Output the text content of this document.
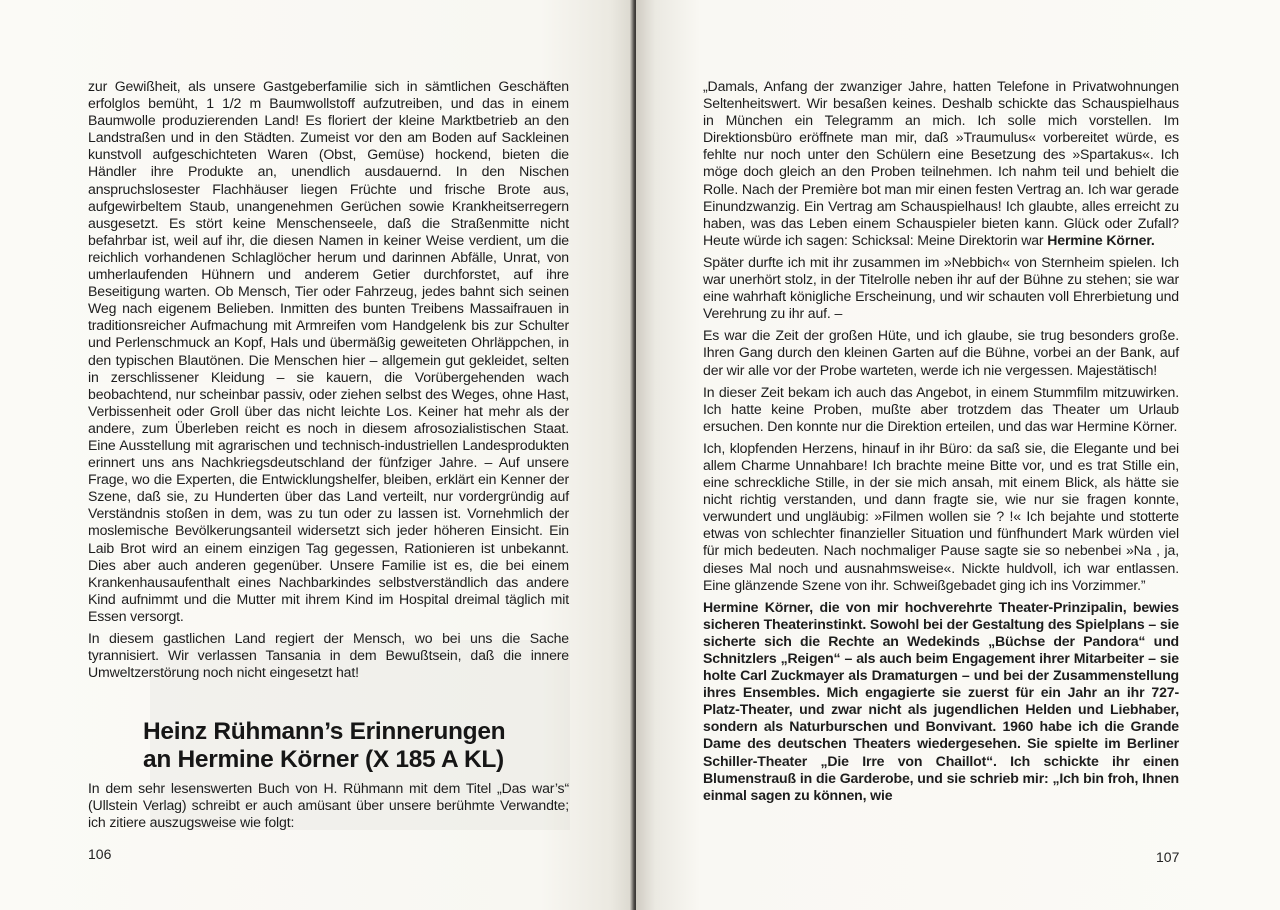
zur Gewißheit, als unsere Gastgeberfamilie sich in sämtlichen Geschäften erfolglos bemüht, 1 1/2 m Baumwollstoff aufzutreiben, und das in einem Baumwolle produzierenden Land! Es floriert der kleine Marktbetrieb an den Landstraßen und in den Städten. Zumeist vor den am Boden auf Sackleinen kunstvoll aufgeschichteten Waren (Obst, Gemüse) hockend, bieten die Händler ihre Produkte an, unendlich ausdauernd. In den Nischen anspruchslosester Flachhäuser liegen Früchte und frische Brote aus, aufgewirbeltem Staub, unangenehmen Gerüchen sowie Krankheitserregern ausgesetzt. Es stört keine Menschenseele, daß die Straßenmitte nicht befahrbar ist, weil auf ihr, die diesen Namen in keiner Weise verdient, um die reichlich vorhandenen Schlaglöcher herum und darinnen Abfälle, Unrat, von umherlaufenden Hühnern und anderem Getier durchforstet, auf ihre Beseitigung warten. Ob Mensch, Tier oder Fahrzeug, jedes bahnt sich seinen Weg nach eigenem Belieben. Inmitten des bunten Treibens Massaifrauen in traditionsreicher Aufmachung mit Armreifen vom Handgelenk bis zur Schulter und Perlenschmuck an Kopf, Hals und übermäßig geweiteten Ohrläppchen, in den typischen Blautönen. Die Menschen hier – allgemein gut gekleidet, selten in zerschlissener Kleidung – sie kauern, die Vorübergehenden wach beobachtend, nur scheinbar passiv, oder ziehen selbst des Weges, ohne Hast, Verbissenheit oder Groll über das nicht leichte Los. Keiner hat mehr als der andere, zum Überleben reicht es noch in diesem afrosozialistischen Staat. Eine Ausstellung mit agrarischen und technisch-industriellen Landesprodukten erinnert uns ans Nachkriegsdeutschland der fünfziger Jahre. – Auf unsere Frage, wo die Experten, die Entwicklungshelfer, bleiben, erklärt ein Kenner der Szene, daß sie, zu Hunderten über das Land verteilt, nur vordergründig auf Verständnis stoßen in dem, was zu tun oder zu lassen ist. Vornehmlich der moslemische Bevölkerungsanteil widersetzt sich jeder höheren Einsicht. Ein Laib Brot wird an einem einzigen Tag gegessen, Rationieren ist unbekannt. Dies aber auch anderen gegenüber. Unsere Familie ist es, die bei einem Krankenhausaufenthalt eines Nachbarkindes selbstverständlich das andere Kind aufnimmt und die Mutter mit ihrem Kind im Hospital dreimal täglich mit Essen versorgt.

In diesem gastlichen Land regiert der Mensch, wo bei uns die Sache tyrannisiert. Wir verlassen Tansania in dem Bewußtsein, daß die innere Umweltzerstörung noch nicht eingesetzt hat!

Heinz Rühmann’s Erinnerungen
an Hermine Körner (X 185 A KL)

In dem sehr lesenswerten Buch von H. Rühmann mit dem Titel „Das war’s“ (Ullstein Verlag) schreibt er auch amüsant über unsere berühmte Verwandte; ich zitiere auszugsweise wie folgt:

106

„Damals, Anfang der zwanziger Jahre, hatten Telefone in Privatwohnungen Seltenheitswert. Wir besaßen keines. Deshalb schickte das Schauspielhaus in München ein Telegramm an mich. Ich solle mich vorstellen. Im Direktionsbüro eröffnete man mir, daß »Traumulus« vorbereitet würde, es fehlte nur noch unter den Schülern eine Besetzung des »Spartakus«. Ich möge doch gleich an den Proben teilnehmen. Ich nahm teil und behielt die Rolle. Nach der Première bot man mir einen festen Vertrag an. Ich war gerade Einundzwanzig. Ein Vertrag am Schauspielhaus! Ich glaubte, alles erreicht zu haben, was das Leben einem Schauspieler bieten kann. Glück oder Zufall? Heute würde ich sagen: Schicksal: Meine Direktorin war Hermine Körner.

Später durfte ich mit ihr zusammen im »Nebbich« von Sternheim spielen. Ich war unerhört stolz, in der Titelrolle neben ihr auf der Bühne zu stehen; sie war eine wahrhaft königliche Erscheinung, und wir schauten voll Ehrerbietung und Verehrung zu ihr auf. –

Es war die Zeit der großen Hüte, und ich glaube, sie trug besonders große. Ihren Gang durch den kleinen Garten auf die Bühne, vorbei an der Bank, auf der wir alle vor der Probe warteten, werde ich nie vergessen. Majestätisch!

In dieser Zeit bekam ich auch das Angebot, in einem Stummfilm mitzuwirken. Ich hatte keine Proben, mußte aber trotzdem das Theater um Urlaub ersuchen. Den konnte nur die Direktion erteilen, und das war Hermine Körner.

Ich, klopfenden Herzens, hinauf in ihr Büro: da saß sie, die Elegante und bei allem Charme Unnahbare! Ich brachte meine Bitte vor, und es trat Stille ein, eine schreckliche Stille, in der sie mich ansah, mit einem Blick, als hätte sie nicht richtig verstanden, und dann fragte sie, wie nur sie fragen konnte, verwundert und ungläubig: »Filmen wollen sie ? !« Ich bejahte und stotterte etwas von schlechter finanzieller Situation und fünfhundert Mark würden viel für mich bedeuten. Nach nochmaliger Pause sagte sie so nebenbei »Na , ja, dieses Mal noch und ausnahmsweise«. Nickte huldvoll, ich war entlassen. Eine glänzende Szene von ihr. Schweißgebadet ging ich ins Vorzimmer.”

Hermine Körner, die von mir hochverehrte Theater-Prinzipalin, bewies sicheren Theaterinstinkt. Sowohl bei der Gestaltung des Spielplans – sie sicherte sich die Rechte an Wedekinds „Büchse der Pandora“ und Schnitzlers „Reigen“ – als auch beim Engagement ihrer Mitarbeiter – sie holte Carl Zuckmayer als Dramaturgen – und bei der Zusammenstellung ihres Ensembles. Mich engagierte sie zuerst für ein Jahr an ihr 727-Platz-Theater, und zwar nicht als jugendlichen Helden und Liebhaber, sondern als Naturburschen und Bonvivant. 1960 habe ich die Grande Dame des deutschen Theaters wiedergesehen. Sie spielte im Berliner Schiller-Theater „Die Irre von Chaillot“. Ich schickte ihr einen Blumenstrauß in die Garderobe, und sie schrieb mir: „Ich bin froh, Ihnen einmal sagen zu können, wie

107
